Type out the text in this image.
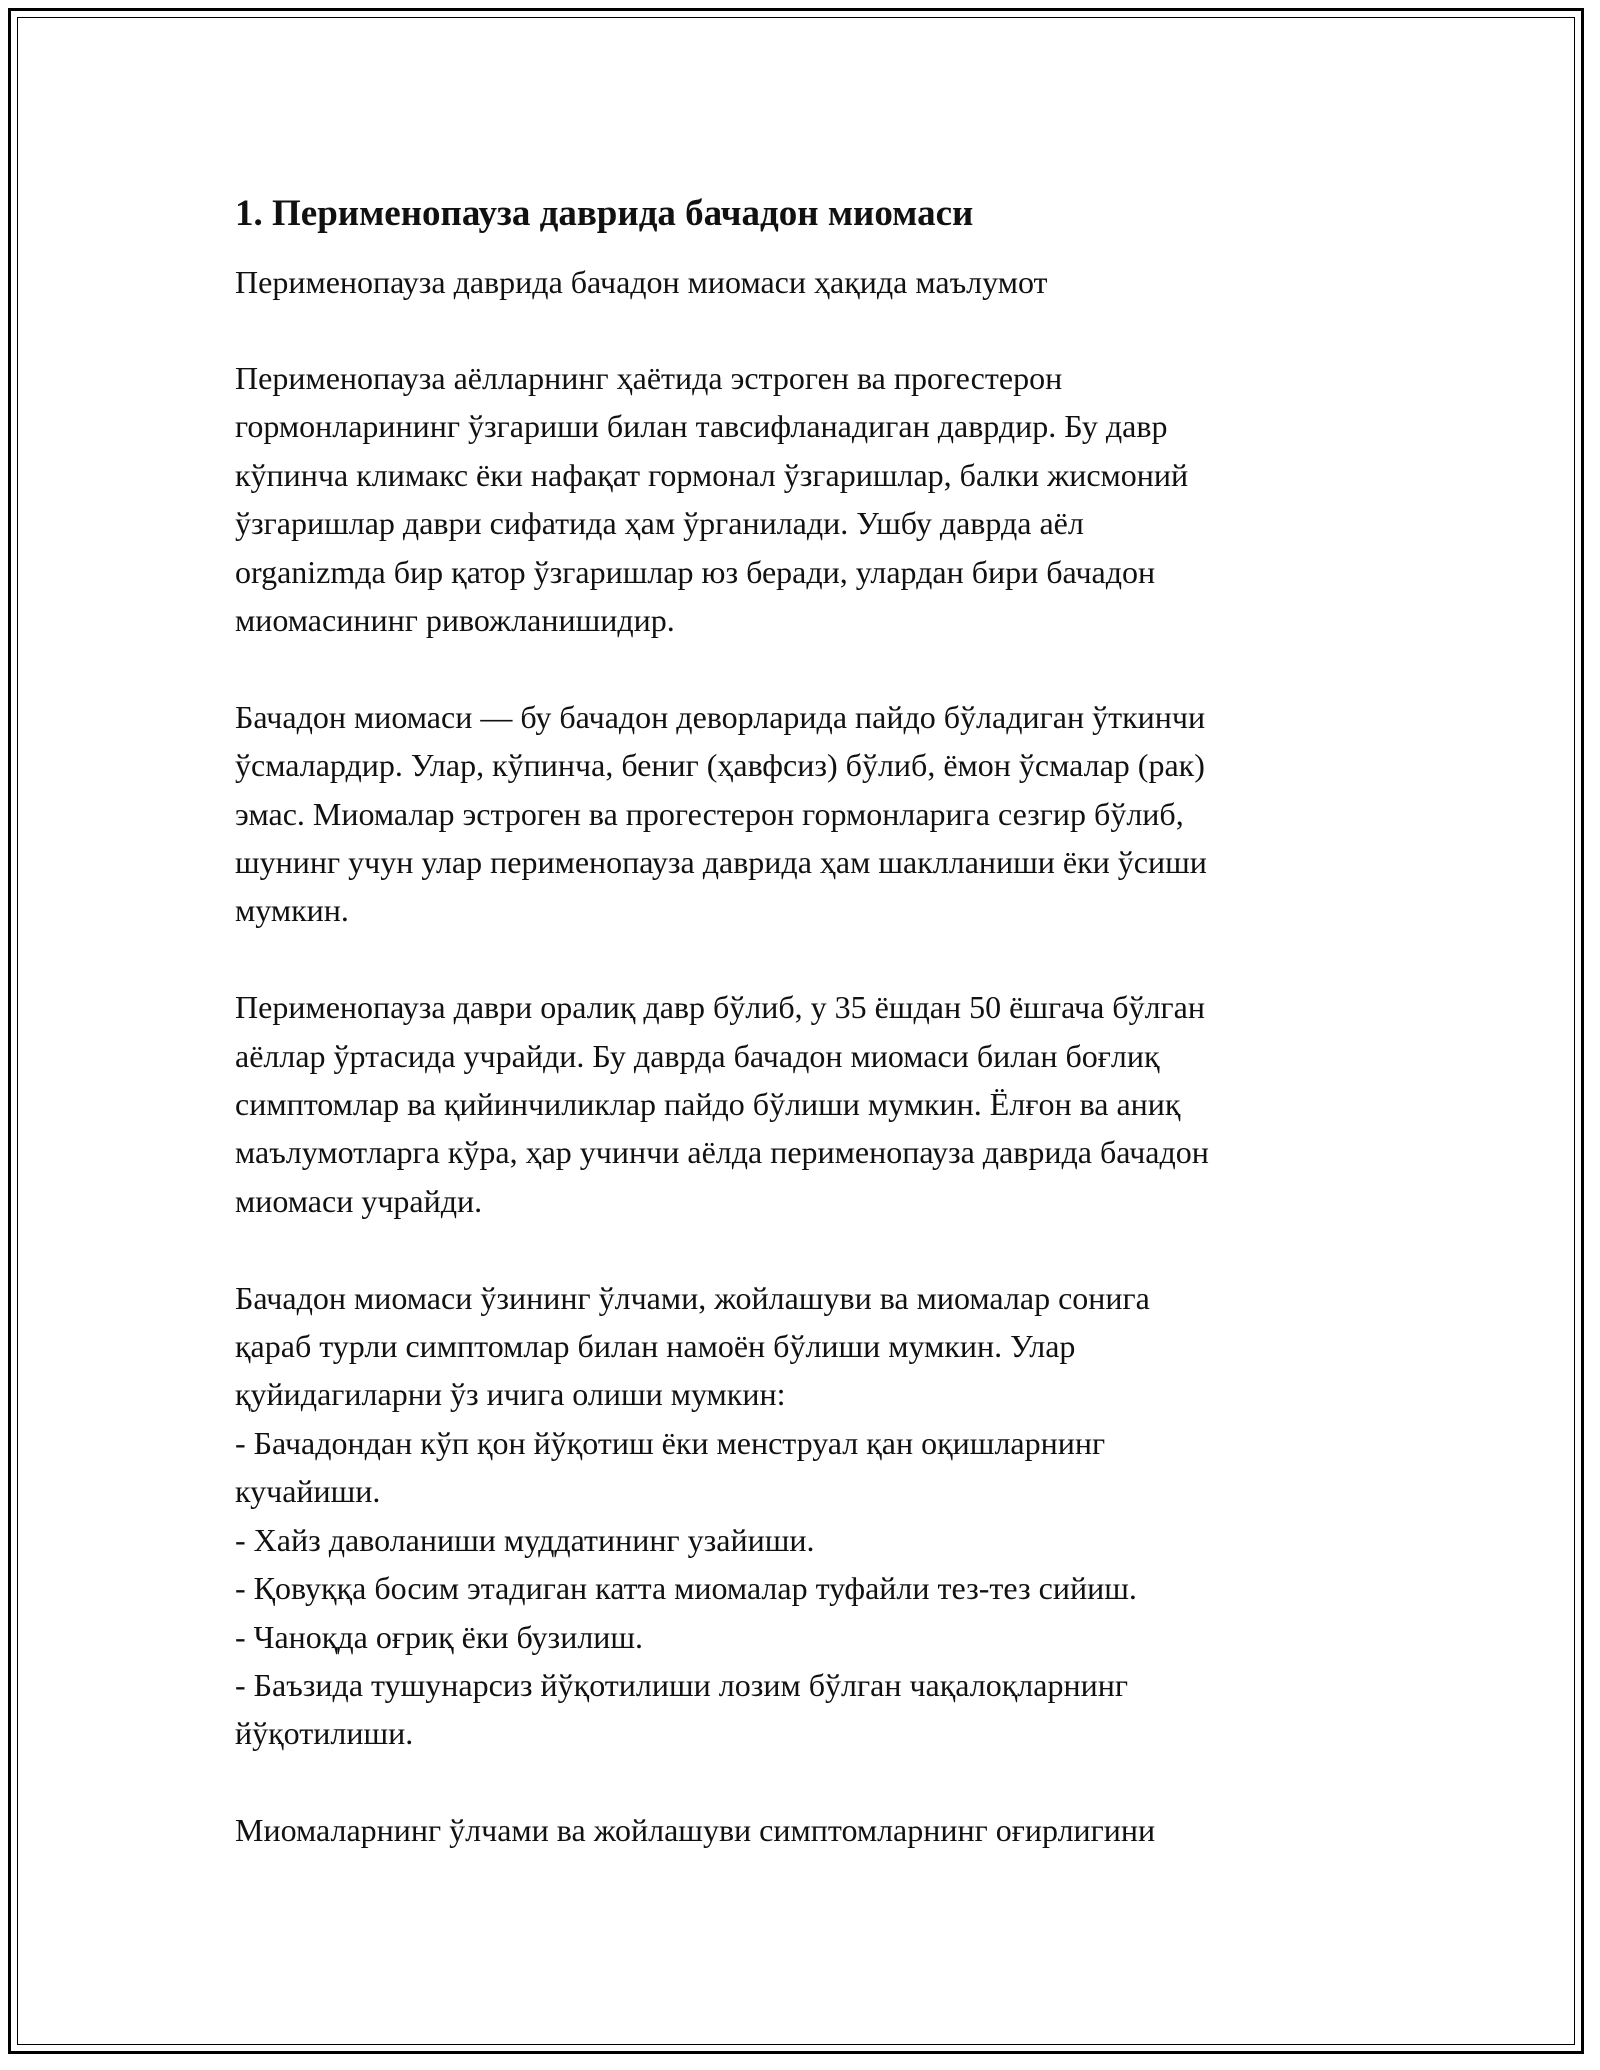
1. Перименопауза даврида бачадон миомаси
Перименопауза даврида бачадон миомаси ҳақида маълумот
Перименопауза аёлларнинг ҳаётида эстроген ва прогестерон
гормонларининг ўзгариши билан тавсифланадиган даврдир. Бу давр
кўпинча климакс ёки нафақат гормонал ўзгаришлар, балки жисмоний
ўзгаришлар даври сифатида ҳам ўрганилади. Ушбу даврда аёл
organizmда бир қатор ўзгаришлар юз беради, улардан бири бачадон
миомасининг ривожланишидир.
Бачадон миомаси — бу бачадон деворларида пайдо бўладиган ўткинчи
ўсмалардир. Улар, кўпинча, бениг (ҳавфсиз) бўлиб, ёмон ўсмалар (рак)
эмас. Миомалар эстроген ва прогестерон гормонларига сезгир бўлиб,
шунинг учун улар перименопауза даврида ҳам шаклланиши ёки ўсиши
мумкин.
Перименопауза даври оралиқ давр бўлиб, у 35 ёшдан 50 ёшгача бўлган
аёллар ўртасида учрайди. Бу даврда бачадон миомаси билан боғлиқ
симптомлар ва қийинчиликлар пайдо бўлиши мумкин. Ёлғон ва аниқ
маълумотларга кўра, ҳар учинчи аёлда перименопауза даврида бачадон
миомаси учрайди.
Бачадон миомаси ўзининг ўлчами, жойлашуви ва миомалар сонига
қараб турли симптомлар билан намоён бўлиши мумкин. Улар
қуйидагиларни ўз ичига олиши мумкин:
- Бачадондан кўп қон йўқотиш ёки менструал қан оқишларнинг
кучайиши.
- Хайз даволаниши муддатининг узайиши.
- Қовуққа босим этадиган катта миомалар туфайли тез-тез сийиш.
- Чаноқда оғриқ ёки бузилиш.
- Баъзида тушунарсиз йўқотилиши лозим бўлган чақалоқларнинг
йўқотилиши.
Миомаларнинг ўлчами ва жойлашуви симптомларнинг оғирлигини
